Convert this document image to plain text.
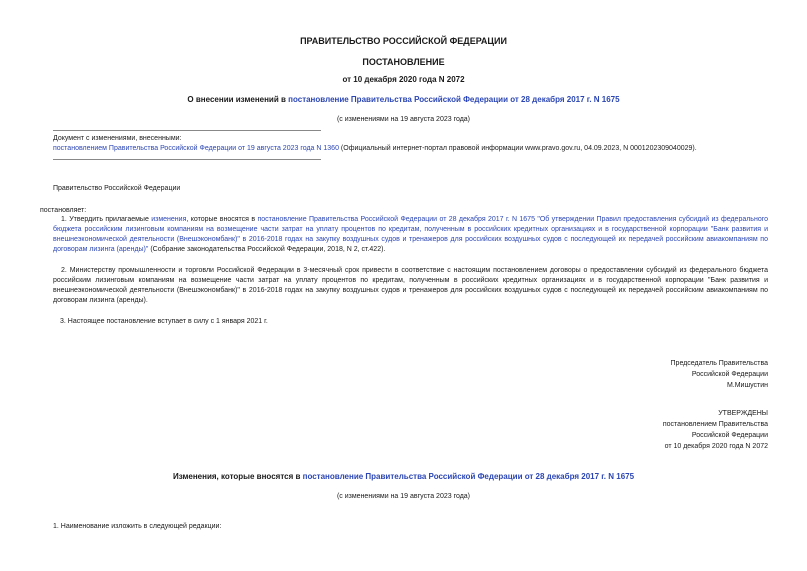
ПРАВИТЕЛЬСТВО РОССИЙСКОЙ ФЕДЕРАЦИИ
ПОСТАНОВЛЕНИЕ
от 10 декабря 2020 года N 2072
О внесении изменений в постановление Правительства Российской Федерации от 28 декабря 2017 г. N 1675
(с изменениями на 19 августа 2023 года)
Документ с изменениями, внесенными:
постановлением Правительства Российской Федерации от 19 августа 2023 года N 1360 (Официальный интернет-портал правовой информации www.pravo.gov.ru, 04.09.2023, N 0001202309040029).
Правительство Российской Федерации
постановляет:
1. Утвердить прилагаемые изменения, которые вносятся в постановление Правительства Российской Федерации от 28 декабря 2017 г. N 1675 "Об утверждении Правил предоставления субсидий из федерального бюджета российским лизинговым компаниям на возмещение части затрат на уплату процентов по кредитам, полученным в российских кредитных организациях и в государственной корпорации "Банк развития и внешнеэкономической деятельности (Внешэкономбанк)" в 2016-2018 годах на закупку воздушных судов и тренажеров для российских воздушных судов с последующей их передачей российским авиакомпаниям по договорам лизинга (аренды)" (Собрание законодательства Российской Федерации, 2018, N 2, ст.422).
2. Министерству промышленности и торговли Российской Федерации в 3-месячный срок привести в соответствие с настоящим постановлением договоры о предоставлении субсидий из федерального бюджета российским лизинговым компаниям на возмещение части затрат на уплату процентов по кредитам, полученным в российских кредитных организациях и в государственной корпорации "Банк развития и внешнеэкономической деятельности (Внешэкономбанк)" в 2016-2018 годах на закупку воздушных судов и тренажеров для российских воздушных судов с последующей их передачей российским авиакомпаниям по договорам лизинга (аренды).
3. Настоящее постановление вступает в силу с 1 января 2021 г.
Председатель Правительства
Российской Федерации
М.Мишустин
УТВЕРЖДЕНЫ
постановлением Правительства
Российской Федерации
от 10 декабря 2020 года N 2072
Изменения, которые вносятся в постановление Правительства Российской Федерации от 28 декабря 2017 г. N 1675
(с изменениями на 19 августа 2023 года)
1. Наименование изложить в следующей редакции:
